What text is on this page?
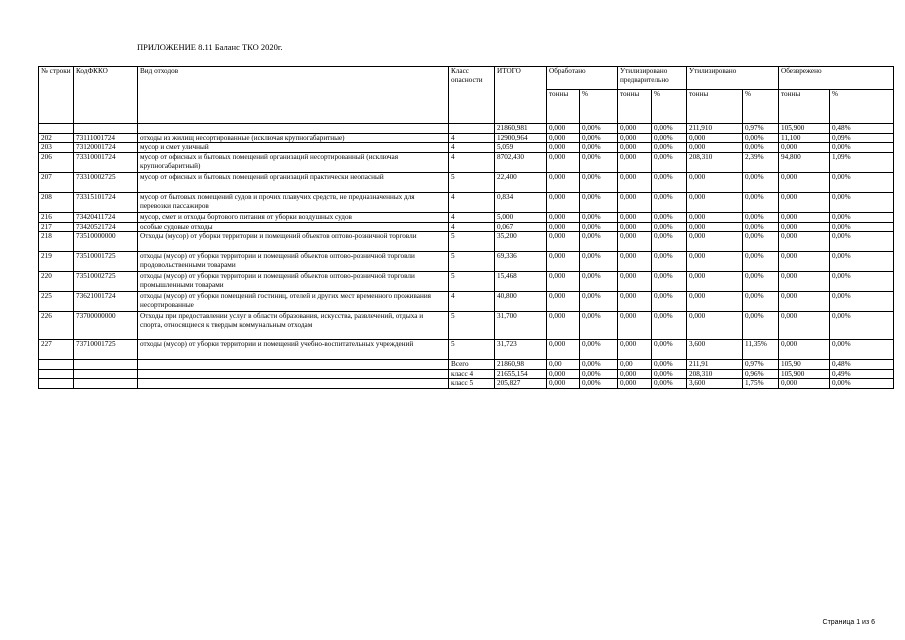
ПРИЛОЖЕНИЕ 8.11 Баланс ТКО 2020г.
№ строки	КодФККО	Вид отходов	Класс опасности	ИТОГО	Обработано		Утилизировано предварительно		Утилизировано		Обезврежено	
					тонны	%	тонны	%	тонны	%	тонны	%
				21860,981	0,000	0,00%	0,000	0,00%	211,910	0,97%	105,900	0,48%
202	73111001724	отходы из жилищ несортированные (исключая крупногабаритные)	4	12900,964	0,000	0,00%	0,000	0,00%	0,000	0,00%	11,100	0,09%
203	73120001724	мусор и смет уличный	4	5,059	0,000	0,00%	0,000	0,00%	0,000	0,00%	0,000	0,00%
206	73310001724	мусор от офисных и бытовых помещений организаций несортированный (исключая крупногабаритный)	4	8702,430	0,000	0,00%	0,000	0,00%	208,310	2,39%	94,800	1,09%
207	73310002725	мусор от офисных и бытовых помещений организаций практически неопасный	5	22,400	0,000	0,00%	0,000	0,00%	0,000	0,00%	0,000	0,00%
208	73315101724	мусор от бытовых помещений судов и прочих плавучих средств, не предназначенных для перевозки пассажиров	4	0,834	0,000	0,00%	0,000	0,00%	0,000	0,00%	0,000	0,00%
216	73420411724	мусор, смет и отходы бортового питания от уборки воздушных судов	4	5,000	0,000	0,00%	0,000	0,00%	0,000	0,00%	0,000	0,00%
217	73420521724	особые судовые отходы	4	0,067	0,000	0,00%	0,000	0,00%	0,000	0,00%	0,000	0,00%
218	73510000000	Отходы (мусор) от уборки территории и помещений объектов оптово-розничной торговли	5	35,200	0,000	0,00%	0,000	0,00%	0,000	0,00%	0,000	0,00%
219	73510001725	отходы (мусор) от уборки территории и помещений объектов оптово-розничной торговли продовольственными товарами	5	69,336	0,000	0,00%	0,000	0,00%	0,000	0,00%	0,000	0,00%
220	73510002725	отходы (мусор) от уборки территории и помещений объектов оптово-розничной торговли промышленными товарами	5	15,468	0,000	0,00%	0,000	0,00%	0,000	0,00%	0,000	0,00%
225	73621001724	отходы (мусор) от уборки помещений гостиниц, отелей и других мест временного проживания несортированные	4	40,800	0,000	0,00%	0,000	0,00%	0,000	0,00%	0,000	0,00%
226	73700000000	Отходы при предоставлении услуг в области образования, искусства, развлечений, отдыха и спорта, относящиеся к твердым коммунальным отходам	5	31,700	0,000	0,00%	0,000	0,00%	0,000	0,00%	0,000	0,00%
227	73710001725	отходы (мусор) от уборки территории и помещений учебно-воспитательных учреждений	5	31,723	0,000	0,00%	0,000	0,00%	3,600	11,35%	0,000	0,00%
			Всего	21860,98	0,00	0,00%	0,00	0,00%	211,91	0,97%	105,90	0,48%
			класс 4	21655,154	0,000	0,00%	0,000	0,00%	208,310	0,96%	105,900	0,49%
			класс 5	205,827	0,000	0,00%	0,000	0,00%	3,600	1,75%	0,000	0,00%
Страница 1 из 6
